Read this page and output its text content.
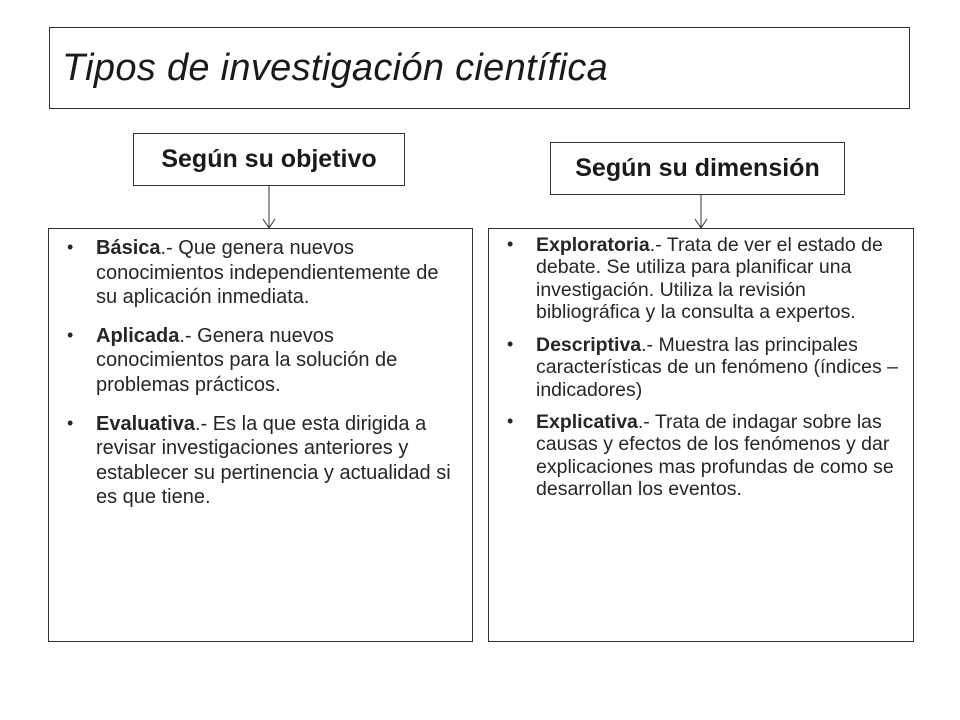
Tipos de investigación científica
Según su objetivo	Según su dimensión
• Básica.- Que genera nuevos conocimientos independientemente de su aplicación inmediata.
• Aplicada.- Genera nuevos conocimientos para la solución de problemas prácticos.
• Evaluativa.- Es la que esta dirigida a revisar investigaciones anteriores y establecer su pertinencia y actualidad si es que tiene.
• Exploratoria.- Trata de ver el estado de debate. Se utiliza para planificar una investigación. Utiliza la revisión bibliográfica y la consulta a expertos.
• Descriptiva.- Muestra las principales características de un fenómeno (índices – indicadores)
• Explicativa.- Trata de indagar sobre las causas y efectos de los fenómenos y dar explicaciones mas profundas de como se desarrollan los eventos.
